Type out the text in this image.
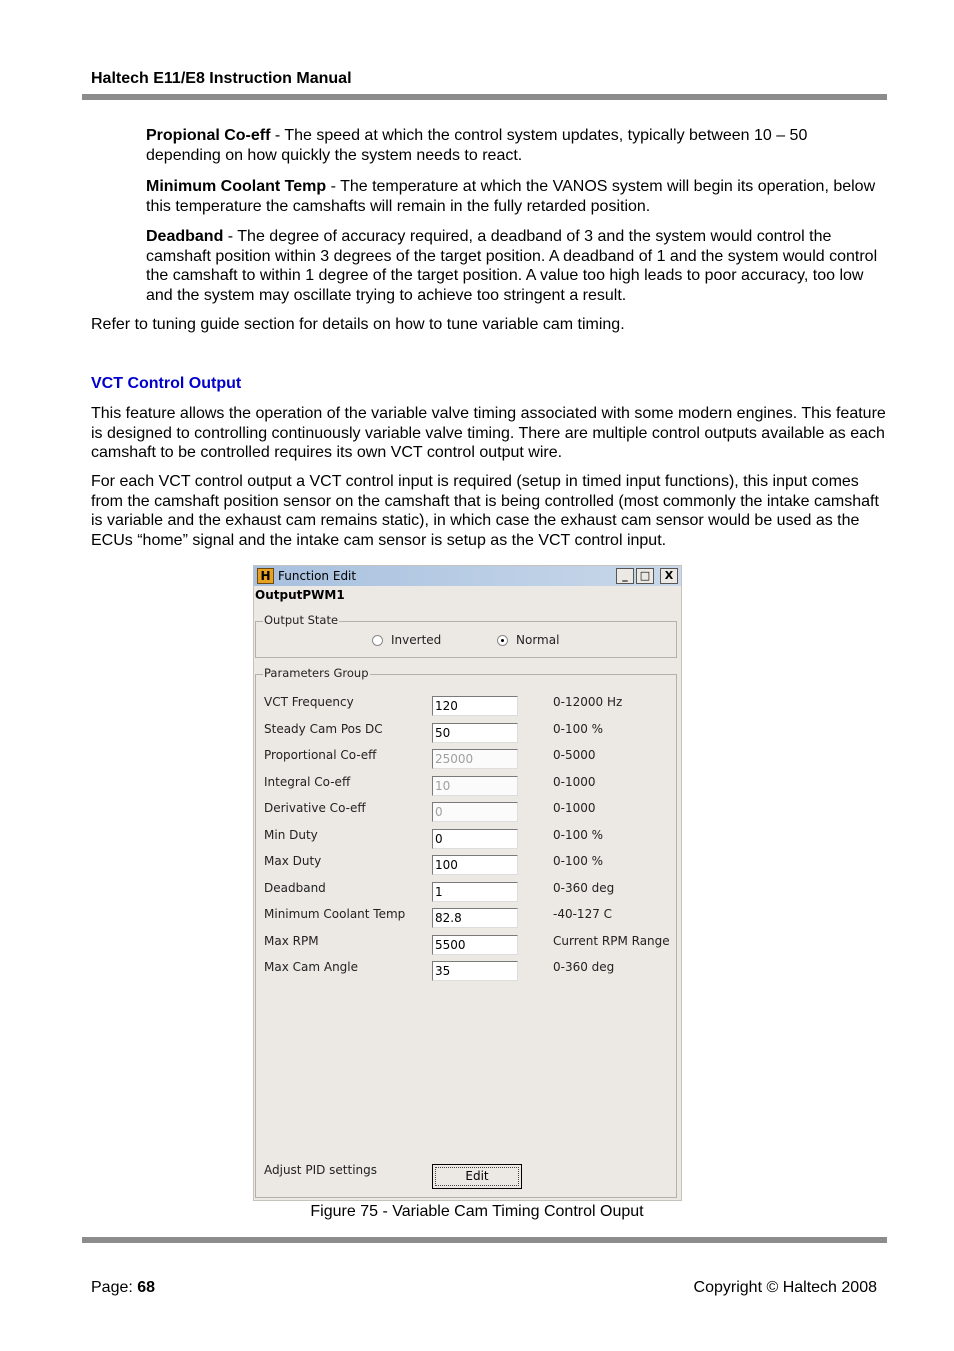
Haltech E11/E8 Instruction Manual
Propional Co-eff - The speed at which the control system updates, typically between 10 – 50 depending on how quickly the system needs to react.
Minimum Coolant Temp - The temperature at which the VANOS system will begin its operation, below this temperature the camshafts will remain in the fully retarded position.
Deadband - The degree of accuracy required, a deadband of 3 and the system would control the camshaft position within 3 degrees of the target position. A deadband of 1 and the system would control the camshaft to within 1 degree of the target position. A value too high leads to poor accuracy, too low and the system may oscillate trying to achieve too stringent a result.
Refer to tuning guide section for details on how to tune variable cam timing.
VCT Control Output
This feature allows the operation of the variable valve timing associated with some modern engines. This feature is designed to controlling continuously variable valve timing. There are multiple control outputs available as each camshaft to be controlled requires its own VCT control output wire.
For each VCT control output a VCT control input is required (setup in timed input functions), this input comes from the camshaft position sensor on the camshaft that is being controlled (most commonly the intake camshaft is variable and the exhaust cam remains static), in which case the exhaust cam sensor would be used as the ECUs “home” signal and the intake cam sensor is setup as the VCT control input.
H Function Edit	_	□	X
OutputPWM1
Output State
Inverted	Normal
Parameters Group
VCT Frequency	120	0-12000 Hz
Steady Cam Pos DC	50	0-100 %
Proportional Co-eff	25000	0-5000
Integral Co-eff	10	0-1000
Derivative Co-eff	0	0-1000
Min Duty	0	0-100 %
Max Duty	100	0-100 %
Deadband	1	0-360 deg
Minimum Coolant Temp 82.8	-40-127 C
Max RPM	5500	Current RPM Range
Max Cam Angle	35	0-360 deg
Adjust PID settings	Edit
Figure 75 - Variable Cam Timing Control Ouput
Page: 68	Copyright © Haltech 2008
